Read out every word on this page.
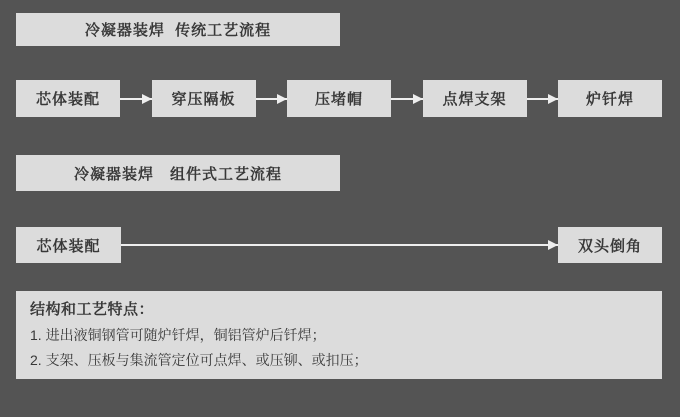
冷凝器装焊  传统工艺流程
芯体装配	穿压隔板	压堵帽	点焊支架	炉钎焊
冷凝器装焊　组件式工艺流程
芯体装配	双头倒角
结构和工艺特点：
1. 进出液铜钢管可随炉钎焊，铜铝管炉后钎焊；
2. 支架、压板与集流管定位可点焊、或压铆、或扣压；
